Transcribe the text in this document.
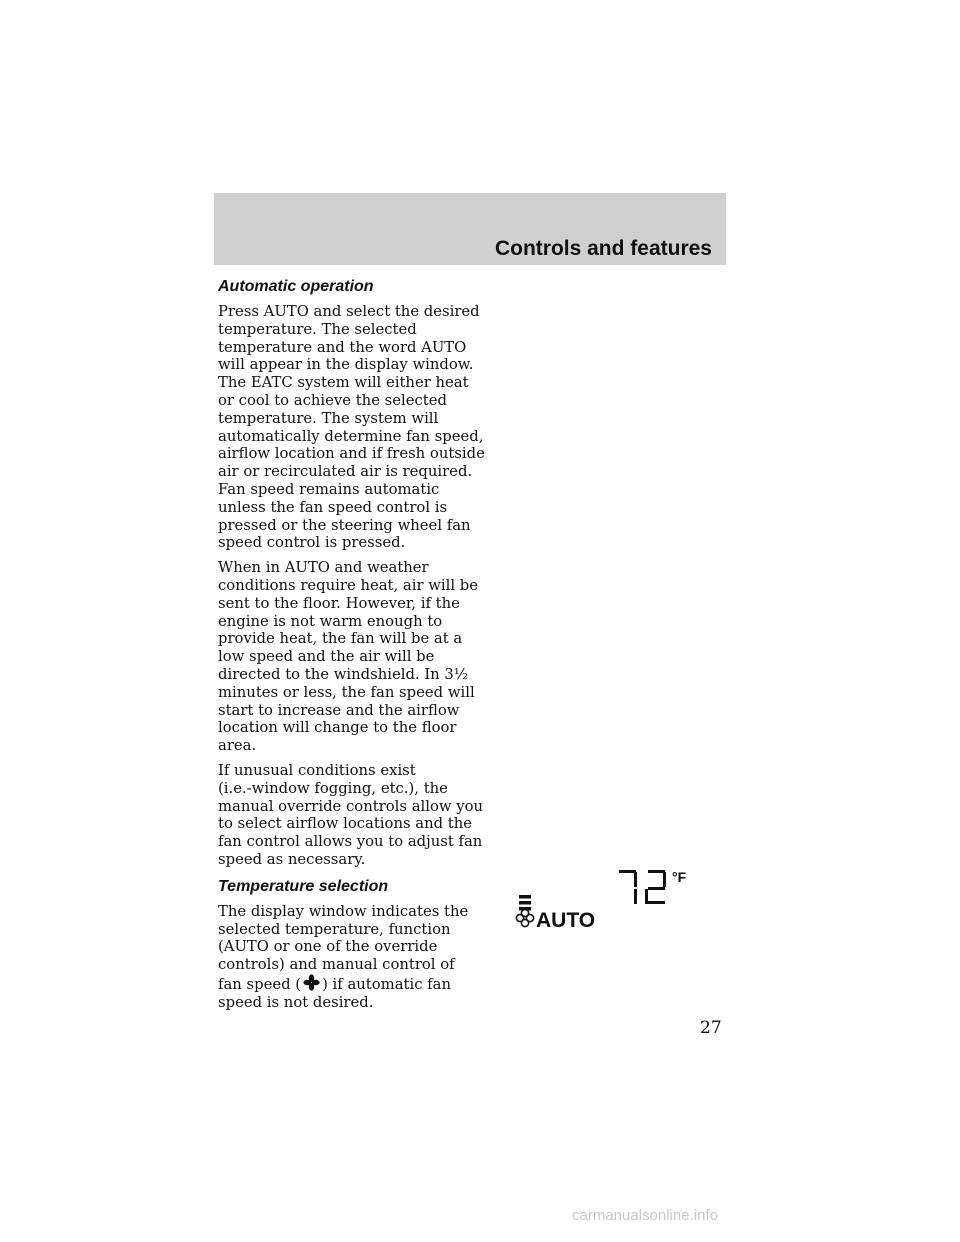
Controls and features
Automatic operation

Press AUTO and select the desired
temperature. The selected
temperature and the word AUTO
will appear in the display window.
The EATC system will either heat
or cool to achieve the selected
temperature. The system will
automatically determine fan speed,
airflow location and if fresh outside
air or recirculated air is required.
Fan speed remains automatic
unless the fan speed control is
pressed or the steering wheel fan
speed control is pressed.

When in AUTO and weather
conditions require heat, air will be
sent to the floor. However, if the
engine is not warm enough to
provide heat, the fan will be at a
low speed and the air will be
directed to the windshield. In 3½
minutes or less, the fan speed will
start to increase and the airflow
location will change to the floor
area.

If unusual conditions exist
(i.e.-window fogging, etc.), the
manual override controls allow you
to select airflow locations and the
fan control allows you to adjust fan
speed as necessary.

Temperature selection

The display window indicates the
selected temperature, function
(AUTO or one of the override
controls) and manual control of
fan speed ( ) if automatic fan
speed is not desired.

°F
AUTO
27
carmanualsonline.info
